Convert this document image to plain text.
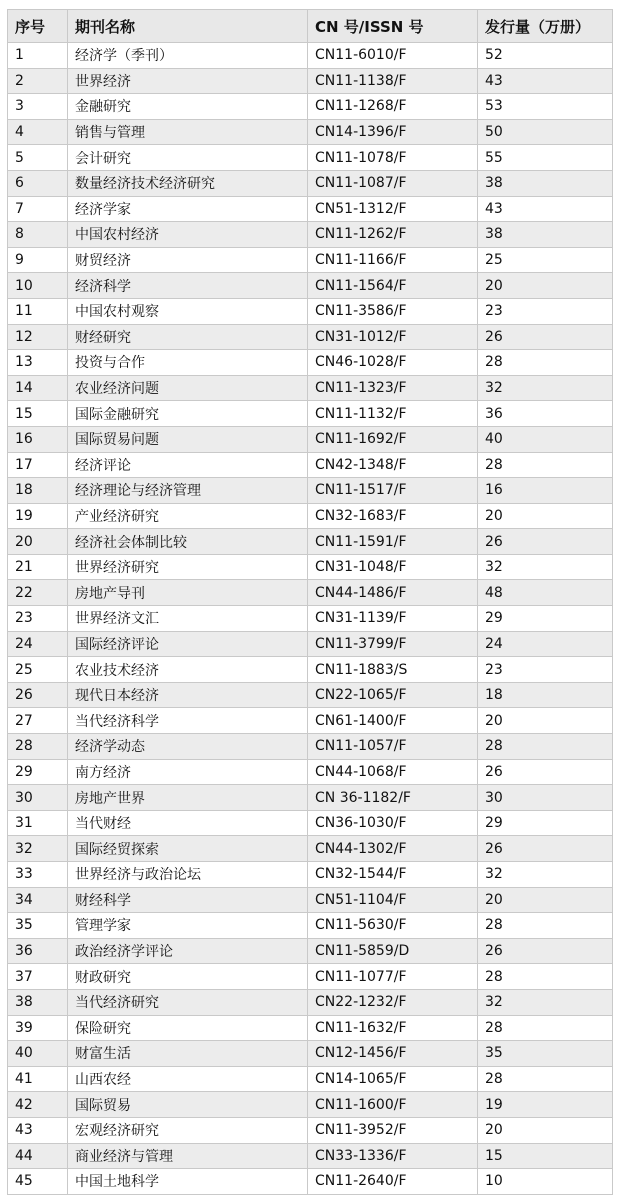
序号	期刊名称	CN 号/ISSN 号	发行量（万册）
1	经济学（季刊）	CN11-6010/F	52
2	世界经济	CN11-1138/F	43
3	金融研究	CN11-1268/F	53
4	销售与管理	CN14-1396/F	50
5	会计研究	CN11-1078/F	55
6	数量经济技术经济研究	CN11-1087/F	38
7	经济学家	CN51-1312/F	43
8	中国农村经济	CN11-1262/F	38
9	财贸经济	CN11-1166/F	25
10	经济科学	CN11-1564/F	20
11	中国农村观察	CN11-3586/F	23
12	财经研究	CN31-1012/F	26
13	投资与合作	CN46-1028/F	28
14	农业经济问题	CN11-1323/F	32
15	国际金融研究	CN11-1132/F	36
16	国际贸易问题	CN11-1692/F	40
17	经济评论	CN42-1348/F	28
18	经济理论与经济管理	CN11-1517/F	16
19	产业经济研究	CN32-1683/F	20
20	经济社会体制比较	CN11-1591/F	26
21	世界经济研究	CN31-1048/F	32
22	房地产导刊	CN44-1486/F	48
23	世界经济文汇	CN31-1139/F	29
24	国际经济评论	CN11-3799/F	24
25	农业技术经济	CN11-1883/S	23
26	现代日本经济	CN22-1065/F	18
27	当代经济科学	CN61-1400/F	20
28	经济学动态	CN11-1057/F	28
29	南方经济	CN44-1068/F	26
30	房地产世界	CN 36-1182/F	30
31	当代财经	CN36-1030/F	29
32	国际经贸探索	CN44-1302/F	26
33	世界经济与政治论坛	CN32-1544/F	32
34	财经科学	CN51-1104/F	20
35	管理学家	CN11-5630/F	28
36	政治经济学评论	CN11-5859/D	26
37	财政研究	CN11-1077/F	28
38	当代经济研究	CN22-1232/F	32
39	保险研究	CN11-1632/F	28
40	财富生活	CN12-1456/F	35
41	山西农经	CN14-1065/F	28
42	国际贸易	CN11-1600/F	19
43	宏观经济研究	CN11-3952/F	20
44	商业经济与管理	CN33-1336/F	15
45	中国土地科学	CN11-2640/F	10
